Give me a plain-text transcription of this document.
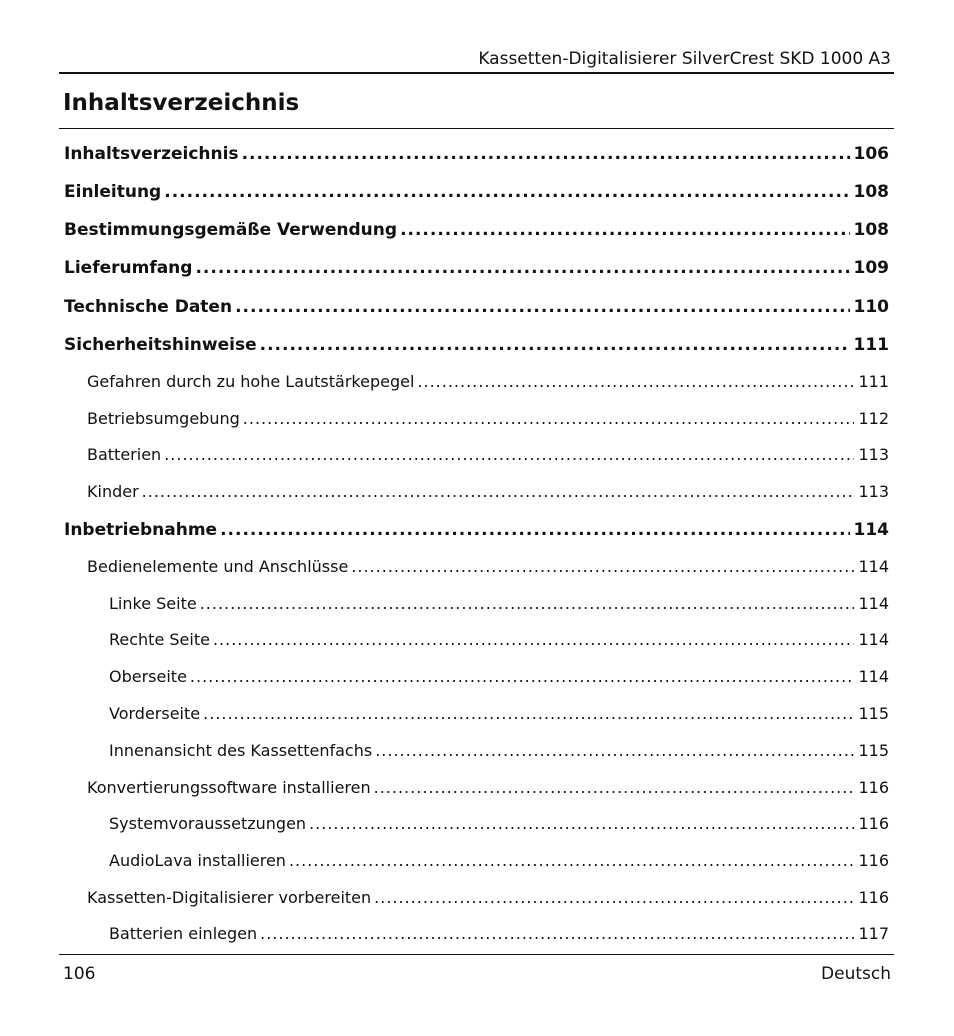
Kassetten-Digitalisierer SilverCrest SKD 1000 A3
Inhaltsverzeichnis
Inhaltsverzeichnis .....	106
Einleitung .....	108
Bestimmungsgemäße Verwendung .....	108
Lieferumfang .....	109
Technische Daten .....	110
Sicherheitshinweise .....	111
Gefahren durch zu hohe Lautstärkepegel .....	111
Betriebsumgebung .....	112
Batterien .....	113
Kinder .....	113
Inbetriebnahme .....	114
Bedienelemente und Anschlüsse .....	114
Linke Seite .....	114
Rechte Seite .....	114
Oberseite .....	114
Vorderseite .....	115
Innenansicht des Kassettenfachs .....	115
Konvertierungssoftware installieren .....	116
Systemvoraussetzungen .....	116
AudioLava installieren .....	116
Kassetten-Digitalisierer vorbereiten .....	116
Batterien einlegen .....	117
106	Deutsch
